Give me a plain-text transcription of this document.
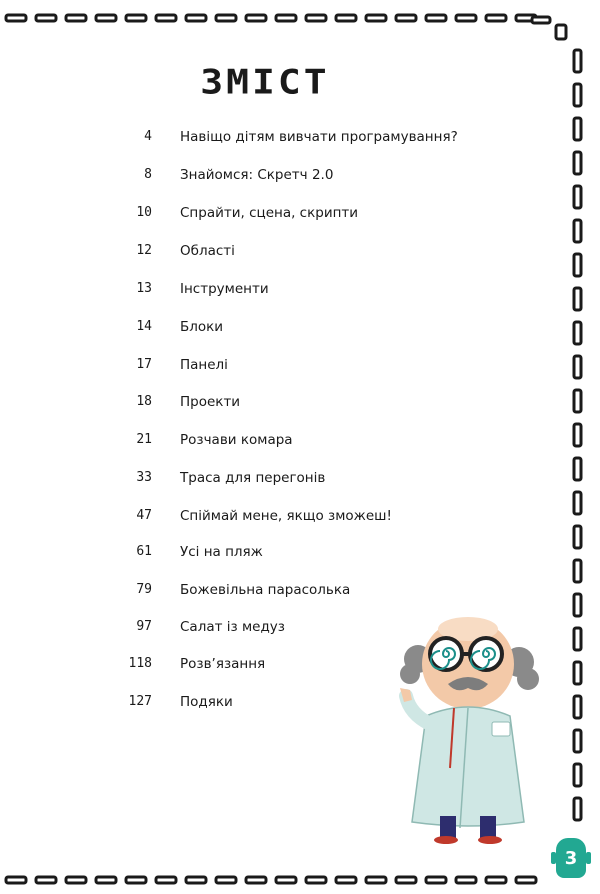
ЗМІСТ
4 Навіщо дітям вивчати програмування?
8 Знайомся: Скретч 2.0
10 Спрайти, сцена, скрипти
12 Області
13 Інструменти
14 Блоки
17 Панелі
18 Проекти
21 Розчави комара
33 Траса для перегонів
47 Спіймай мене, якщо зможеш!
61 Усі на пляж
79 Божевільна парасолька
97 Салат із медуз
118 Розв’язання
127 Подяки
3
